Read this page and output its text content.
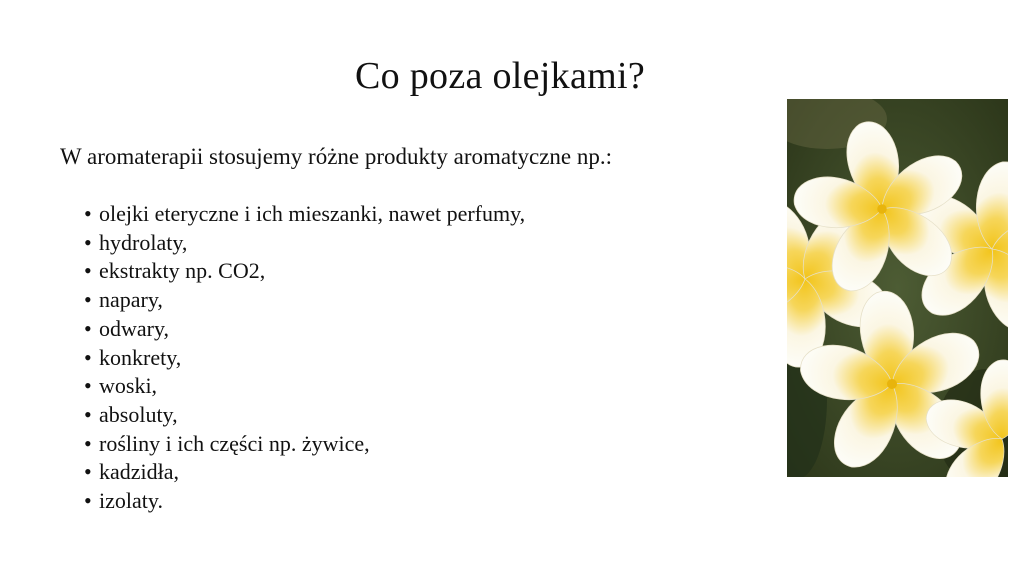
Co poza olejkami?
W aromaterapii stosujemy różne produkty aromatyczne np.:
• olejki eteryczne i ich mieszanki, nawet perfumy,
• hydrolaty,
• ekstrakty np. CO2,
• napary,
• odwary,
• konkrety,
• woski,
• absoluty,
• rośliny i ich części np. żywice,
• kadzidła,
• izolaty.
